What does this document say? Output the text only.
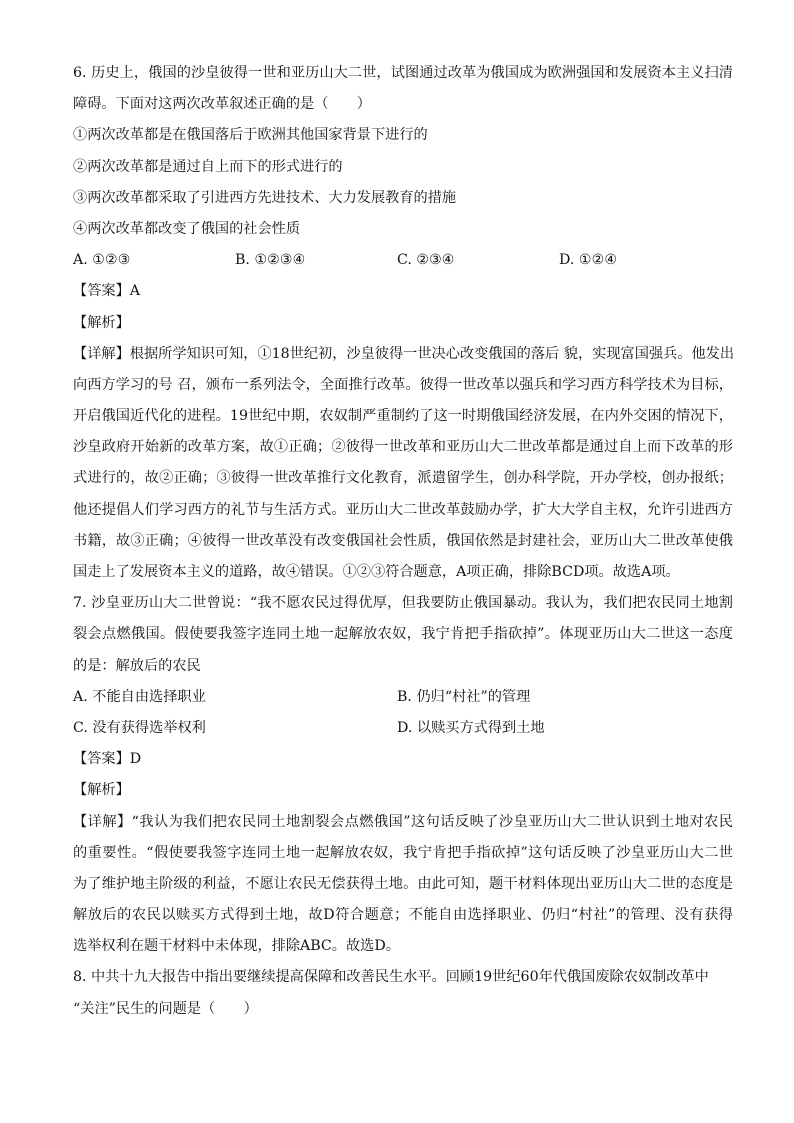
6. 历史上，俄国的沙皇彼得一世和亚历山大二世，试图通过改革为俄国成为欧洲强国和发展资本主义扫清
障碍。下面对这两次改革叙述正确的是（　　）
①两次改革都是在俄国落后于欧洲其他国家背景下进行的
②两次改革都是通过自上而下的形式进行的
③两次改革都采取了引进西方先进技术、大力发展教育的措施
④两次改革都改变了俄国的社会性质
A. ①②③	B. ①②③④	C. ②③④	D. ①②④
【答案】A
【解析】
【详解】根据所学知识可知，①18世纪初，沙皇彼得一世决心改变俄国的落后 貌，实现富国强兵。他发出
向西方学习的号 召，颁布一系列法令，全面推行改革。彼得一世改革以强兵和学习西方科学技术为目标，
开启俄国近代化的进程。19世纪中期，农奴制严重制约了这一时期俄国经济发展，在内外交困的情况下，
沙皇政府开始新的改革方案，故①正确；②彼得一世改革和亚历山大二世改革都是通过自上而下改革的形
式进行的，故②正确；③彼得一世改革推行文化教育，派遣留学生，创办科学院，开办学校，创办报纸；
他还提倡人们学习西方的礼节与生活方式。亚历山大二世改革鼓励办学，扩大大学自主权，允许引进西方
书籍，故③正确；④彼得一世改革没有改变俄国社会性质，俄国依然是封建社会，亚历山大二世改革使俄
国走上了发展资本主义的道路，故④错误。①②③符合题意，A项正确，排除BCD项。故选A项。
7. 沙皇亚历山大二世曾说：“我不愿农民过得优厚，但我要防止俄国暴动。我认为，我们把农民同土地割
裂会点燃俄国。假使要我签字连同土地一起解放农奴，我宁肯把手指砍掉”。体现亚历山大二世这一态度
的是：解放后的农民
A. 不能自由选择职业	B. 仍归“村社”的管理
C. 没有获得选举权利	D. 以赎买方式得到土地
【答案】D
【解析】
【详解】“我认为我们把农民同土地割裂会点燃俄国”这句话反映了沙皇亚历山大二世认识到土地对农民
的重要性。“假使要我签字连同土地一起解放农奴，我宁肯把手指砍掉”这句话反映了沙皇亚历山大二世
为了维护地主阶级的利益，不愿让农民无偿获得土地。由此可知，题干材料体现出亚历山大二世的态度是
解放后的农民以赎买方式得到土地，故D符合题意；不能自由选择职业、仍归“村社”的管理、没有获得
选举权利在题干材料中未体现，排除ABC。故选D。
8. 中共十九大报告中指出要继续提高保障和改善民生水平。回顾19世纪60年代俄国废除农奴制改革中
“关注”民生的问题是（　　）
